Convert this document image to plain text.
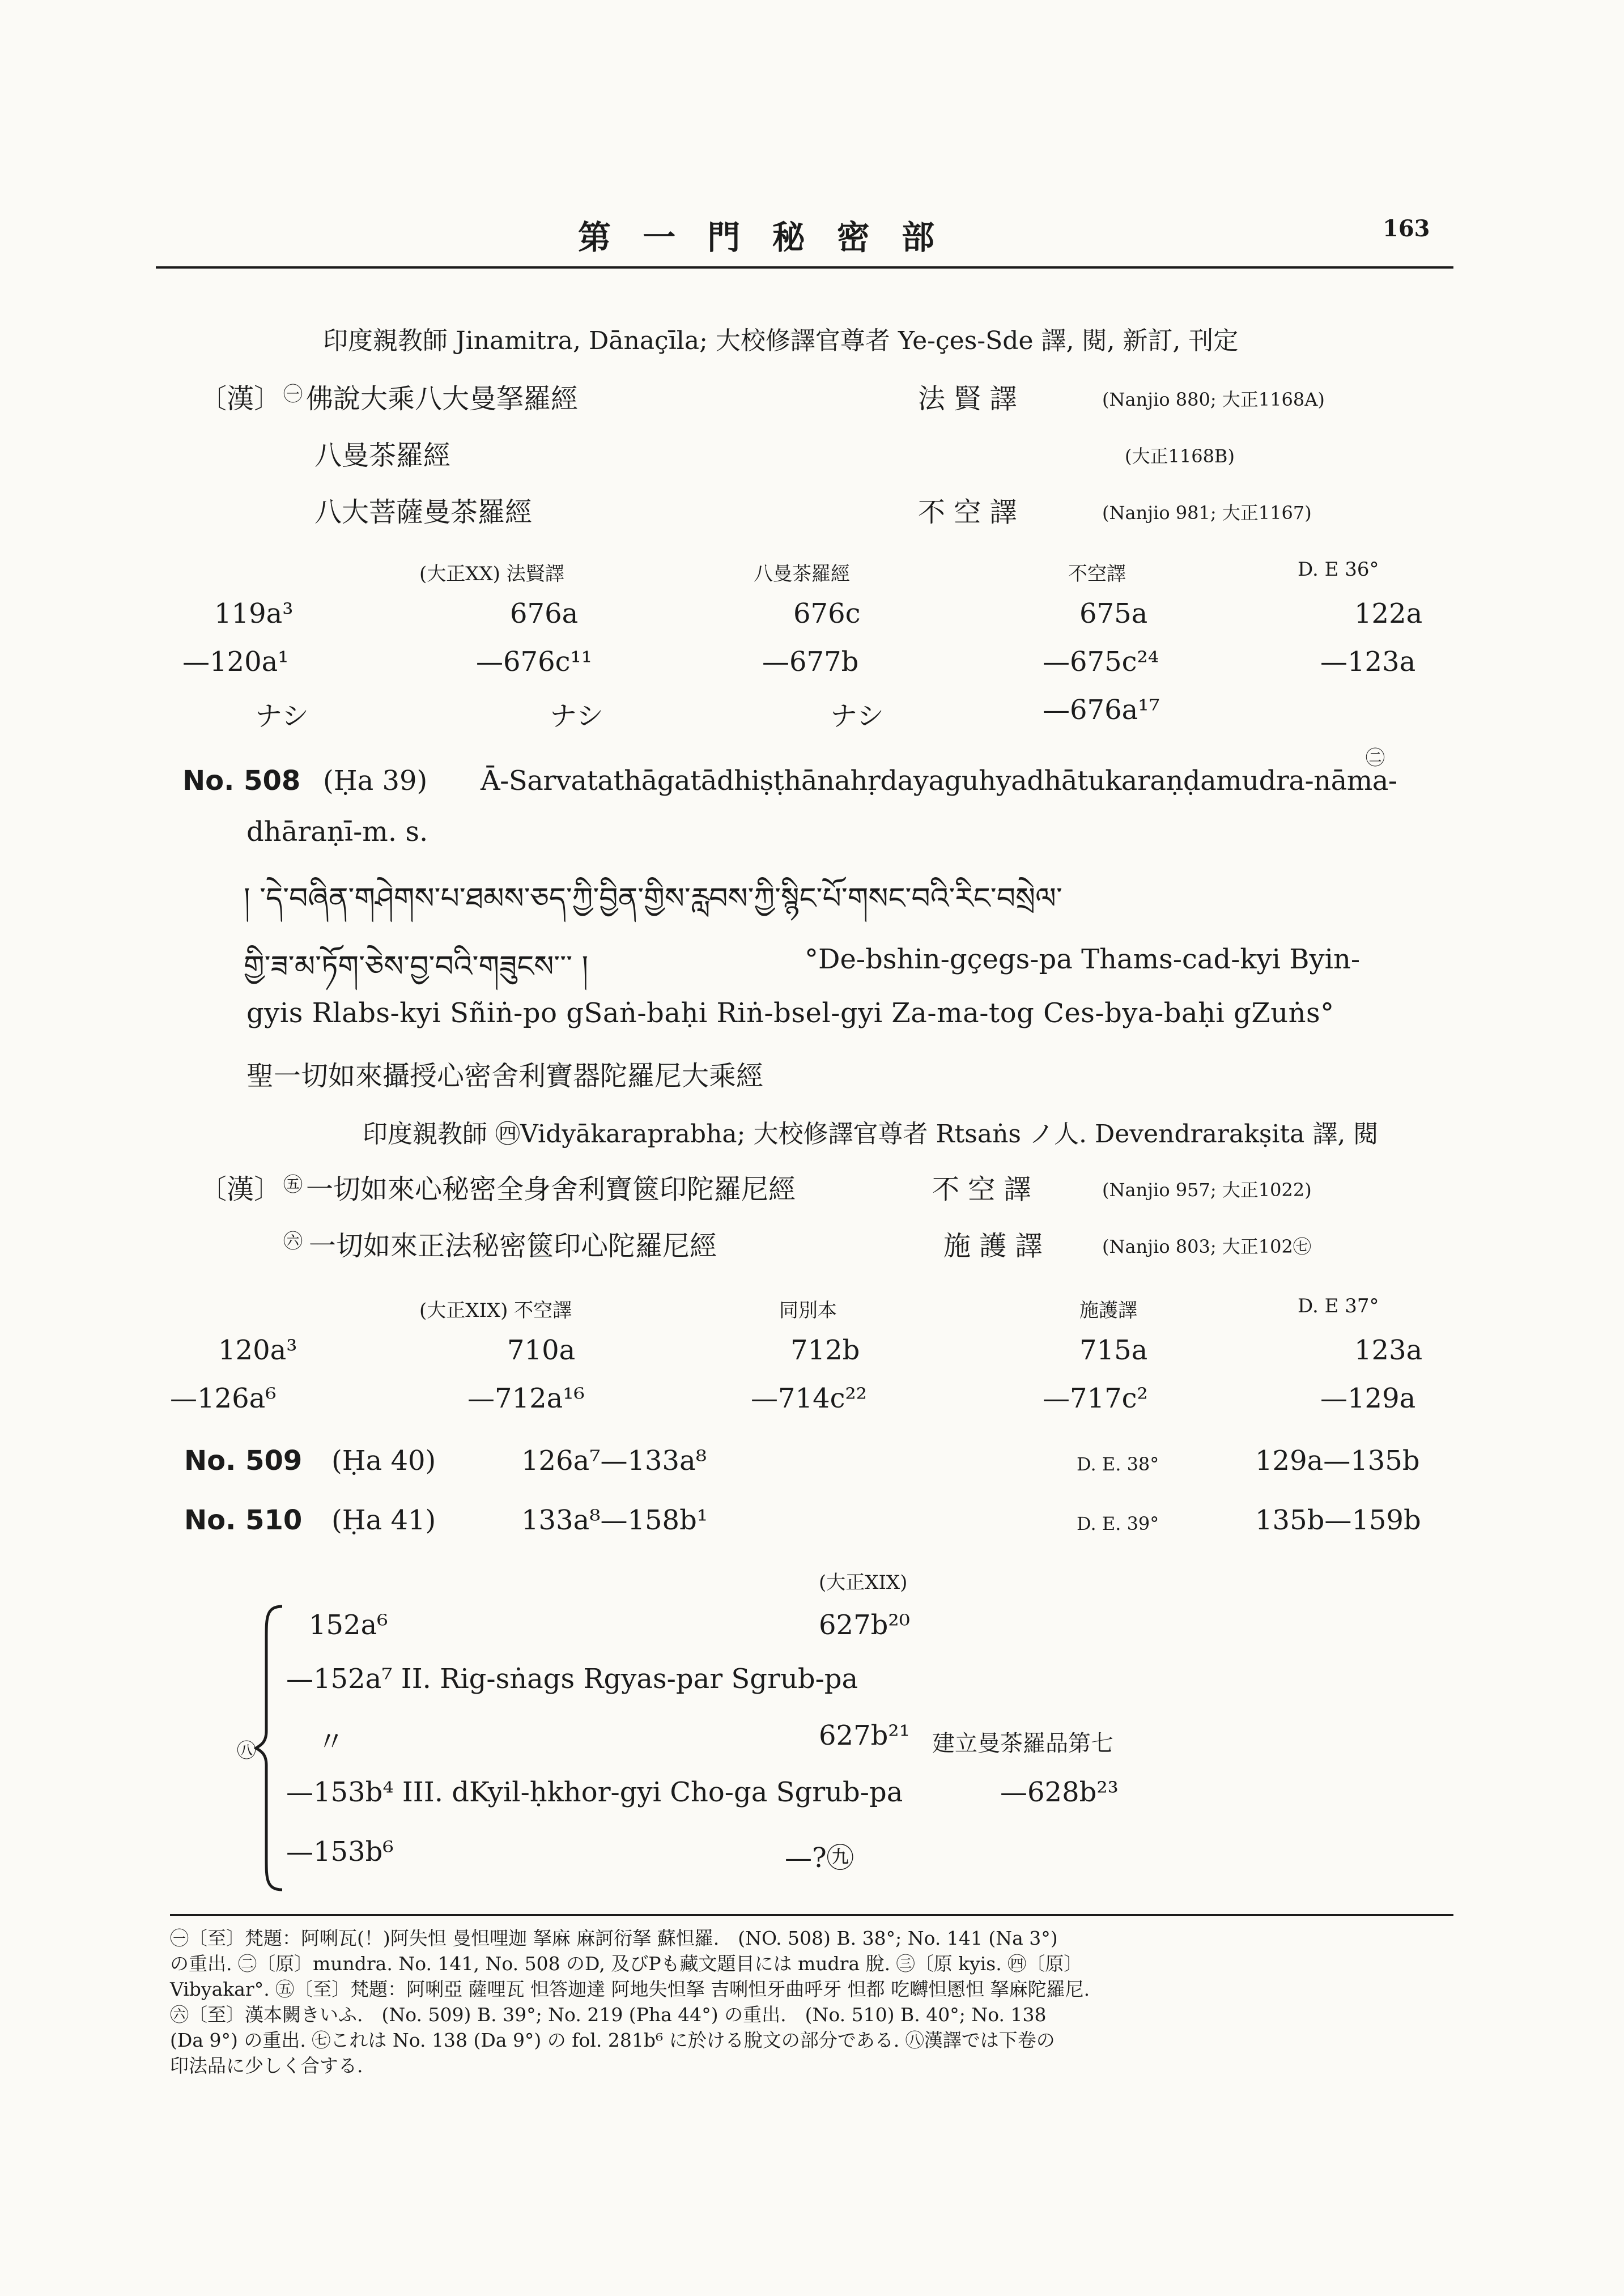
第 一 門 秘 密 部	163
印度親教師 Jinamitra, Dānaçīla; 大校修譯官尊者 Ye-çes-Sde 譯, 閱, 新訂, 刊定
〔漢〕 ㊀ 佛說大乘八大曼拏羅經	法 賢 譯	(Nanjio 880; 大正1168A)
八曼茶羅經	(大正1168B)
八大菩薩曼茶羅經	不 空 譯	(Nanjio 981; 大正1167)
(大正XX) 法賢譯	八曼茶羅經	不空譯	D. E 36°
119a³	676a	676c	675a	122a
—120a¹	—676c¹¹	—677b	—675c²⁴	—123a
ナシ	ナシ	ナシ	—676a¹⁷
㊁
No. 508 (Ḥa 39) Ā-Sarvatathāgatādhiṣṭhānahṛdayaguhyadhātukaraṇḍamudra-nāma-
dhāraṇī-m. s.
། ་དེ་བཞིན་གཤེགས་པ་ཐམས་ཅད་ཀྱི་བྱིན་གྱིས་རླབས་ཀྱི་སྙིང་པོ་གསང་བའི་རིང་བསྲེལ་
གྱི་ཟ་མ་ཏོག་ཅེས་བྱ་བའི་གཟུངས་་་ །	°De-bshin-gçegs-pa Thams-cad-kyi Byin-
gyis Rlabs-kyi Sñiṅ-po gSaṅ-baḥi Riṅ-bsel-gyi Za-ma-tog Ces-bya-baḥi gZuṅs°
聖一切如來攝授心密舍利寶器陀羅尼大乘經
印度親教師 ㊃Vidyākaraprabha; 大校修譯官尊者 Rtsaṅs ノ人. Devendrarakṣita 譯, 閱
〔漢〕 ㊄ 一切如來心秘密全身舍利寶篋印陀羅尼經	不 空 譯	(Nanjio 957; 大正1022)
㊅ 一切如來正法秘密篋印心陀羅尼經	施 護 譯	(Nanjio 803; 大正102㊆
(大正XIX) 不空譯	同別本	施護譯	D. E 37°
120a³	710a	712b	715a	123a
—126a⁶	—712a¹⁶	—714c²²	—717c²	—129a
No. 509 (Ḥa 40)	126a⁷—133a⁸	D. E. 38°	129a—135b
No. 510 (Ḥa 41)	133a⁸—158b¹	D. E. 39°	135b—159b
(大正XIX)
㊇
152a⁶	627b²⁰
—152a⁷ II. Rig-sṅags Rgyas-par Sgrub-pa
〃	627b²¹ 建立曼茶羅品第七
—153b⁴ III. dKyil-ḥkhor-gyi Cho-ga Sgrub-pa	—628b²³
—153b⁶	—?㊈
㊀〔至〕梵題：阿唎瓦(！)阿失怛 曼怛哩迦 拏麻 麻訶衍拏 蘇怛羅.　(NO. 508) B. 38°; No. 141 (Na 3°)
の重出. ㊁〔原〕mundra. No. 141, No. 508 のD, 及びPも藏文題目には mudra 脫. ㊂〔原 kyis. ㊃〔原〕
Vibyakar°. ㊄〔至〕梵題：阿唎亞 薩哩瓦 怛答迦達 阿地失怛拏 吉唎怛牙曲呼牙 怛都 吃嚩怛慁怛 拏麻陀羅尼.
㊅〔至〕漢本闕きいふ.　(No. 509) B. 39°; No. 219 (Pha 44°) の重出.　(No. 510) B. 40°; No. 138
(Da 9°) の重出. ㊆これは No. 138 (Da 9°) の fol. 281b⁶ に於ける脫文の部分である. ㊇漢譯では下卷の
印法品に少しく合する.
